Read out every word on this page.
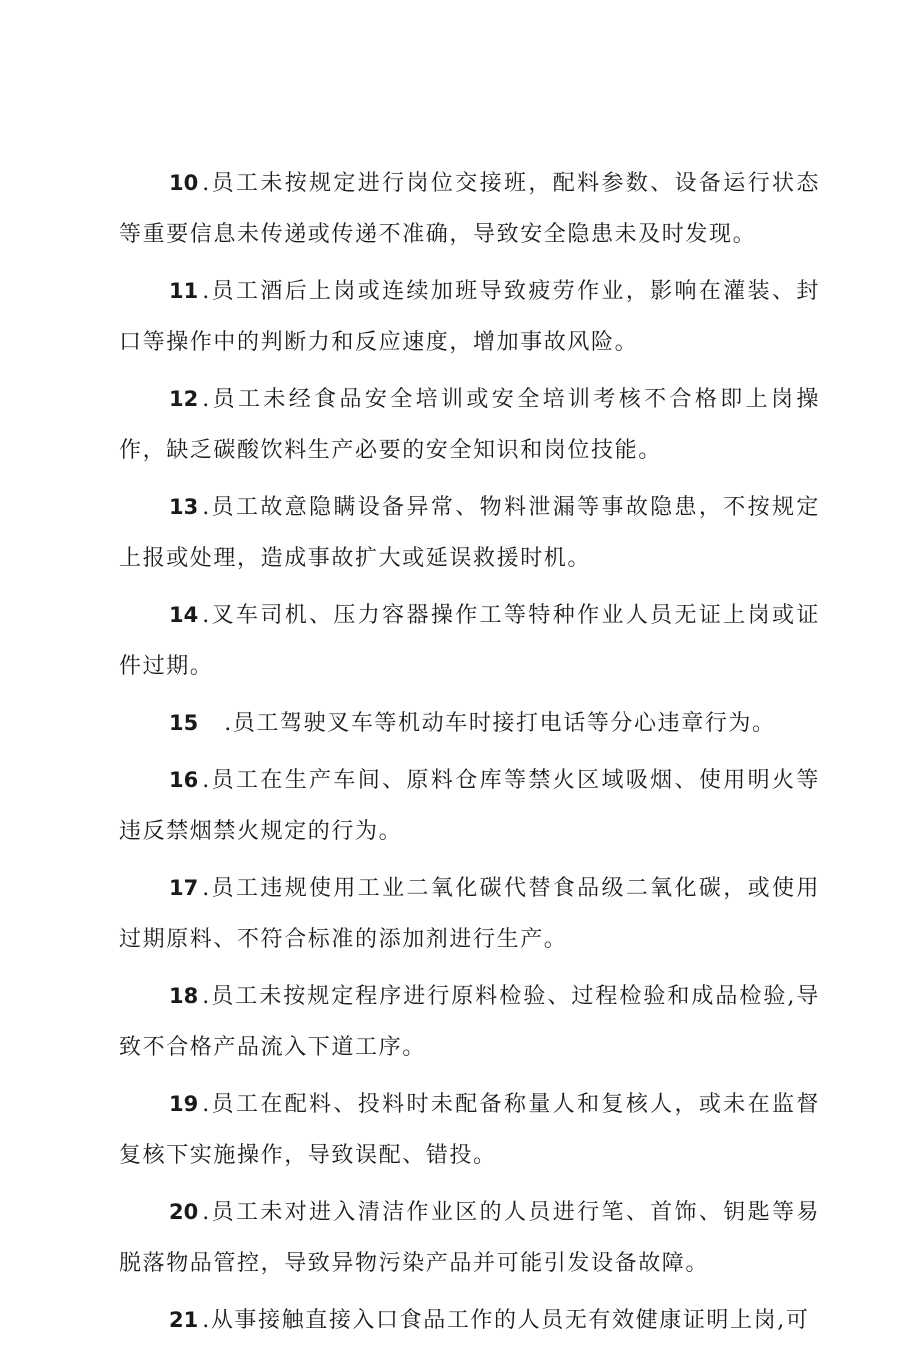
10 .员工未按规定进行岗位交接班，配料参数、设备运行状态等重要信息未传递或传递不准确，导致安全隐患未及时发现。

11 .员工酒后上岗或连续加班导致疲劳作业，影响在灌装、封口等操作中的判断力和反应速度，增加事故风险。

12 .员工未经食品安全培训或安全培训考核不合格即上岗操作，缺乏碳酸饮料生产必要的安全知识和岗位技能。

13 .员工故意隐瞒设备异常、物料泄漏等事故隐患，不按规定上报或处理，造成事故扩大或延误救援时机。

14 .叉车司机、压力容器操作工等特种作业人员无证上岗或证件过期。

15 .员工驾驶叉车等机动车时接打电话等分心违章行为。

16 .员工在生产车间、原料仓库等禁火区域吸烟、使用明火等违反禁烟禁火规定的行为。

17 .员工违规使用工业二氧化碳代替食品级二氧化碳，或使用过期原料、不符合标准的添加剂进行生产。

18 .员工未按规定程序进行原料检验、过程检验和成品检验,导致不合格产品流入下道工序。

19 .员工在配料、投料时未配备称量人和复核人，或未在监督复核下实施操作，导致误配、错投。

20 .员工未对进入清洁作业区的人员进行笔、首饰、钥匙等易脱落物品管控，导致异物污染产品并可能引发设备故障。

21 .从事接触直接入口食品工作的人员无有效健康证明上岗,可
